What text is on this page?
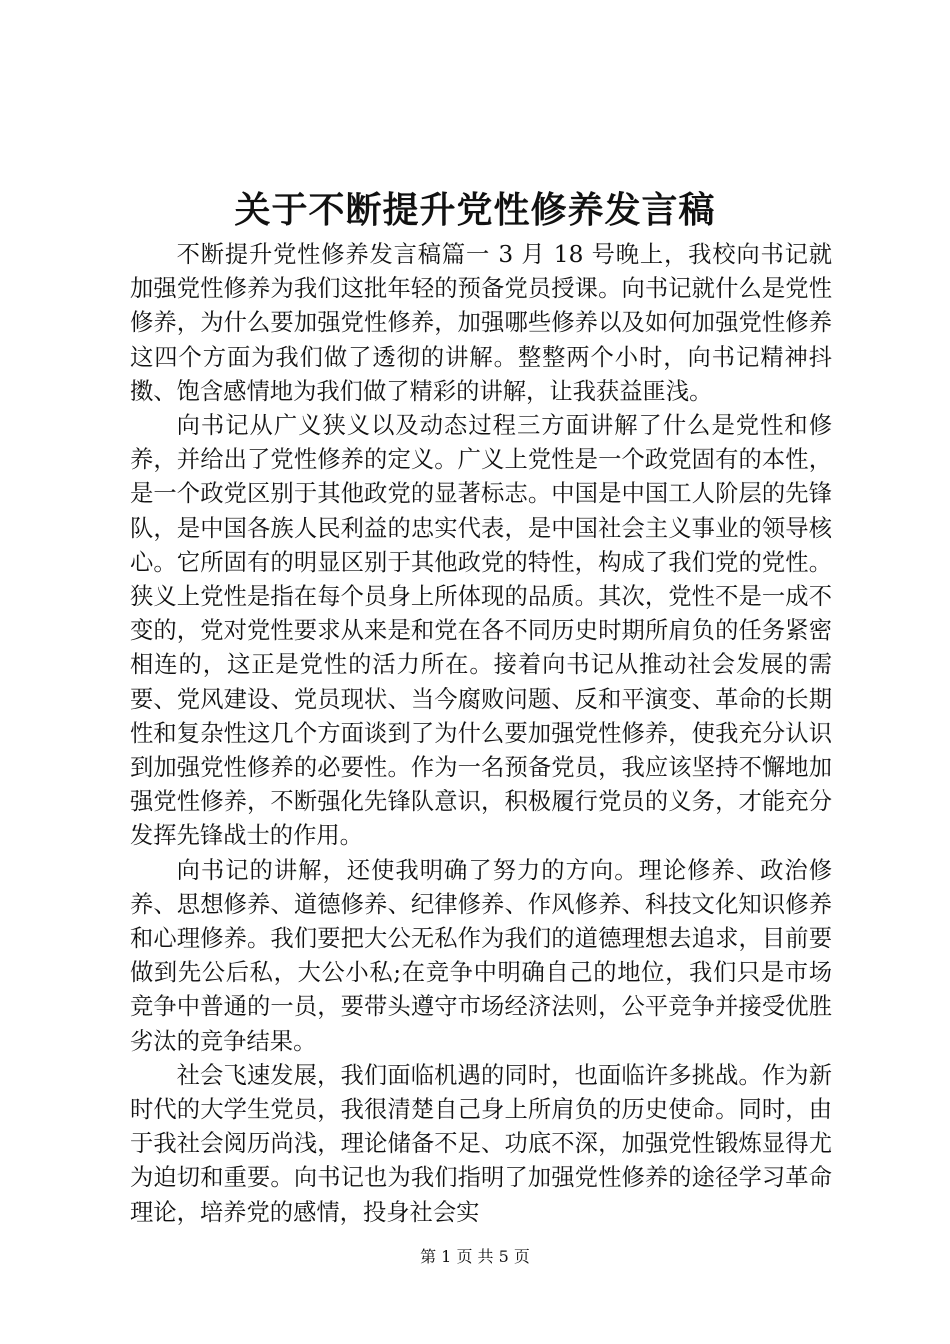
关于不断提升党性修养发言稿

不断提升党性修养发言稿篇一 3 月 18 号晚上，我校向书记就加强党性修养为我们这批年轻的预备党员授课。向书记就什么是党性修养，为什么要加强党性修养，加强哪些修养以及如何加强党性修养这四个方面为我们做了透彻的讲解。整整两个小时，向书记精神抖擞、饱含感情地为我们做了精彩的讲解，让我获益匪浅。

向书记从广义狭义以及动态过程三方面讲解了什么是党性和修养，并给出了党性修养的定义。广义上党性是一个政党固有的本性，是一个政党区别于其他政党的显著标志。中国是中国工人阶层的先锋队，是中国各族人民利益的忠实代表，是中国社会主义事业的领导核心。它所固有的明显区别于其他政党的特性，构成了我们党的党性。狭义上党性是指在每个员身上所体现的品质。其次，党性不是一成不变的，党对党性要求从来是和党在各不同历史时期所肩负的任务紧密相连的，这正是党性的活力所在。接着向书记从推动社会发展的需要、党风建设、党员现状、当今腐败问题、反和平演变、革命的长期性和复杂性这几个方面谈到了为什么要加强党性修养，使我充分认识到加强党性修养的必要性。作为一名预备党员，我应该坚持不懈地加强党性修养，不断强化先锋队意识，积极履行党员的义务，才能充分发挥先锋战士的作用。

向书记的讲解，还使我明确了努力的方向。理论修养、政治修养、思想修养、道德修养、纪律修养、作风修养、科技文化知识修养和心理修养。我们要把大公无私作为我们的道德理想去追求，目前要做到先公后私，大公小私;在竞争中明确自己的地位，我们只是市场竞争中普通的一员，要带头遵守市场经济法则，公平竞争并接受优胜劣汰的竞争结果。

社会飞速发展，我们面临机遇的同时，也面临许多挑战。作为新时代的大学生党员，我很清楚自己身上所肩负的历史使命。同时，由于我社会阅历尚浅，理论储备不足、功底不深，加强党性锻炼显得尤为迫切和重要。向书记也为我们指明了加强党性修养的途径学习革命理论，培养党的感情，投身社会实

第 1 页 共 5 页
